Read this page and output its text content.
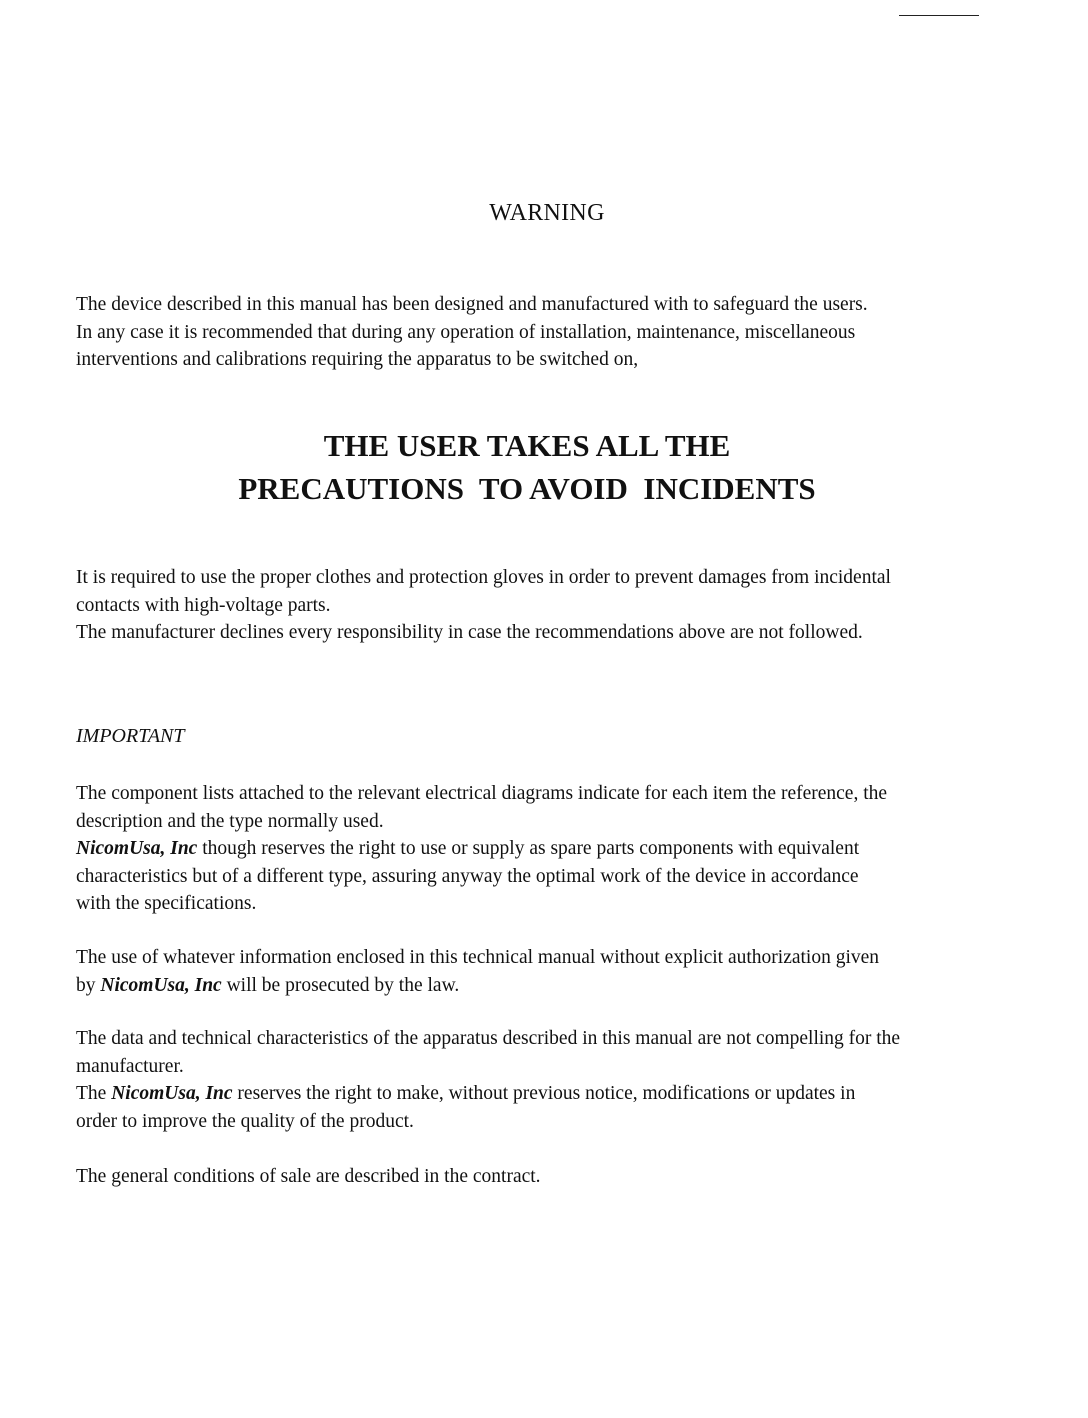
WARNING

The device described in this manual has been designed and manufactured with to safeguard the users.
In any case it is recommended that during any operation of installation, maintenance, miscellaneous
interventions and calibrations requiring the apparatus to be switched on,

THE USER TAKES ALL THE
PRECAUTIONS  TO AVOID  INCIDENTS

It is required to use the proper clothes and protection gloves in order to prevent damages from incidental
contacts with high-voltage parts.
The manufacturer declines every responsibility in case the recommendations above are not followed.

IMPORTANT

The component lists attached to the relevant electrical diagrams indicate for each item the reference, the
description and the type normally used.
NicomUsa, Inc though reserves the right to use or supply as spare parts components with equivalent
characteristics but of a different type, assuring anyway the optimal work of the device in accordance
with the specifications.

The use of whatever information enclosed in this technical manual without explicit authorization given
by NicomUsa, Inc will be prosecuted by the law.

The data and technical characteristics of the apparatus described in this manual are not compelling for the
manufacturer.
The NicomUsa, Inc reserves the right to make, without previous notice, modifications or updates in
order to improve the quality of the product.

The general conditions of sale are described in the contract.
